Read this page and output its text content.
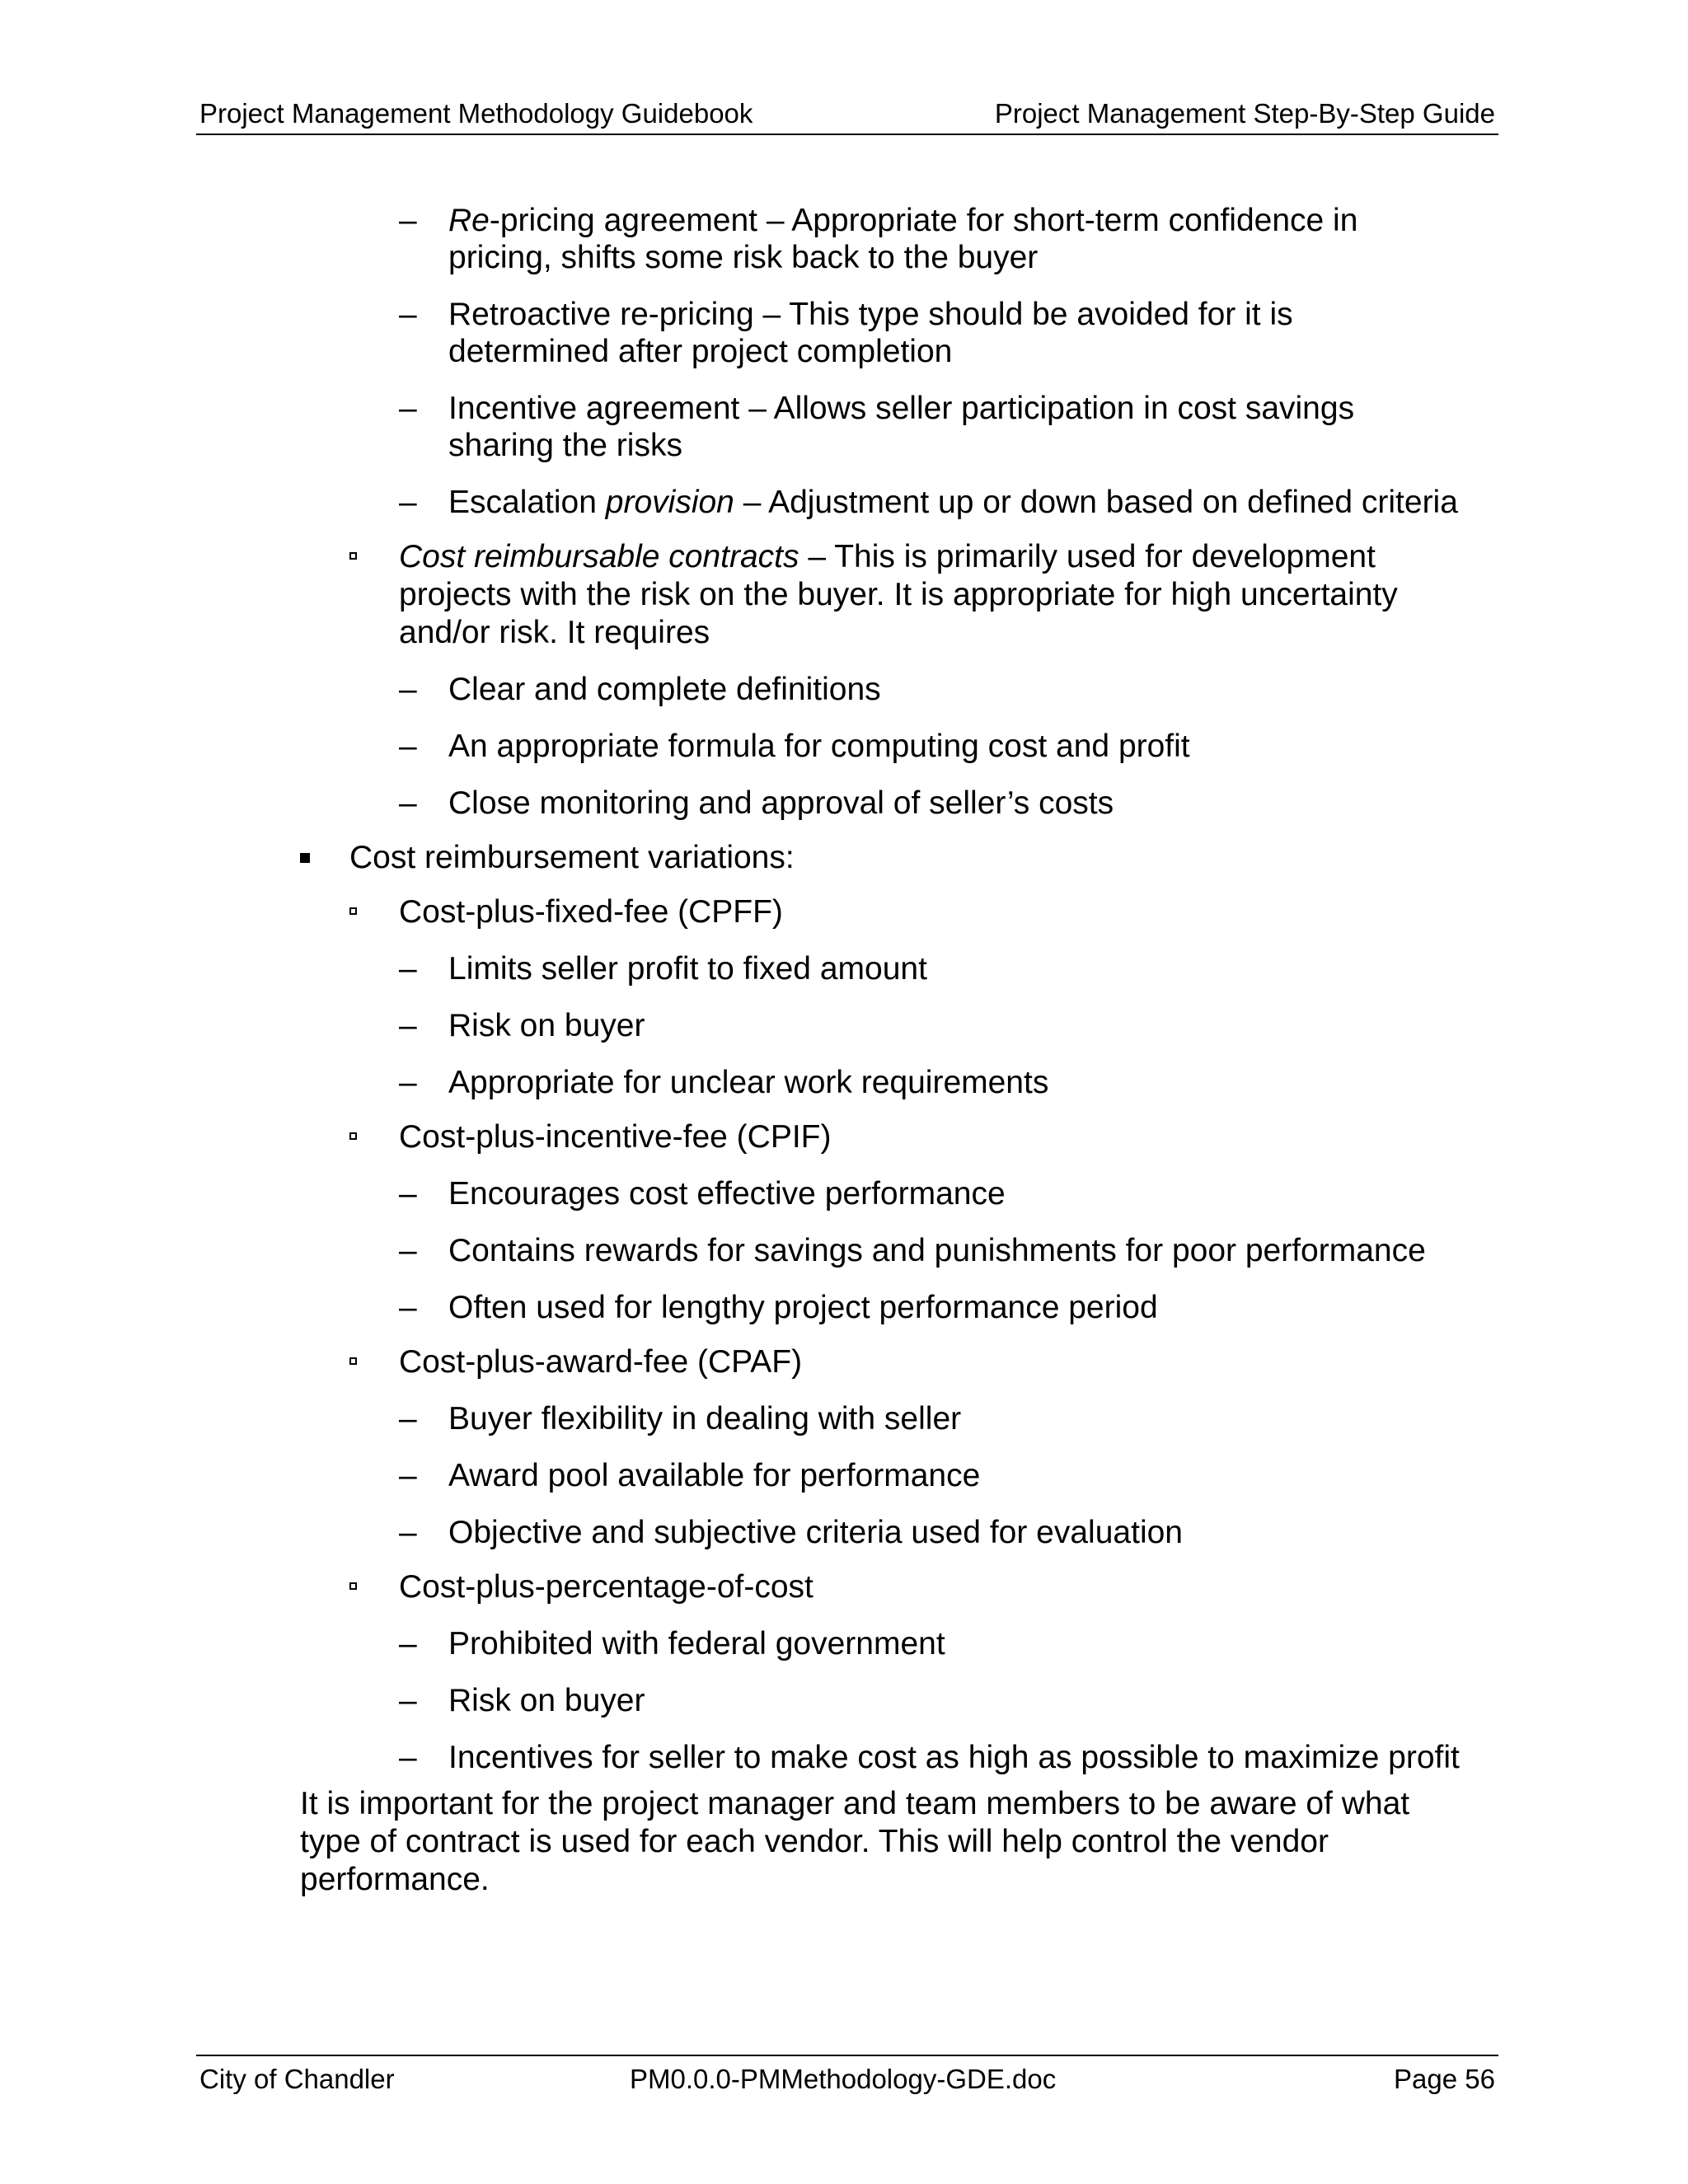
Project Management Methodology Guidebook	Project Management Step-By-Step Guide
– Re-pricing agreement – Appropriate for short-term confidence in
pricing, shifts some risk back to the buyer
– Retroactive re-pricing – This type should be avoided for it is
determined after project completion
– Incentive agreement – Allows seller participation in cost savings
sharing the risks
– Escalation provision – Adjustment up or down based on defined criteria
Cost reimbursable contracts – This is primarily used for development
projects with the risk on the buyer. It is appropriate for high uncertainty
and/or risk. It requires
– Clear and complete definitions
– An appropriate formula for computing cost and profit
– Close monitoring and approval of seller’s costs
Cost reimbursement variations:
Cost-plus-fixed-fee (CPFF)
– Limits seller profit to fixed amount
– Risk on buyer
– Appropriate for unclear work requirements
Cost-plus-incentive-fee (CPIF)
– Encourages cost effective performance
– Contains rewards for savings and punishments for poor performance
– Often used for lengthy project performance period
Cost-plus-award-fee (CPAF)
– Buyer flexibility in dealing with seller
– Award pool available for performance
– Objective and subjective criteria used for evaluation
Cost-plus-percentage-of-cost
– Prohibited with federal government
– Risk on buyer
– Incentives for seller to make cost as high as possible to maximize profit
It is important for the project manager and team members to be aware of what
type of contract is used for each vendor. This will help control the vendor
performance.
City of Chandler	PM0.0.0-PMMethodology-GDE.doc	Page 56
